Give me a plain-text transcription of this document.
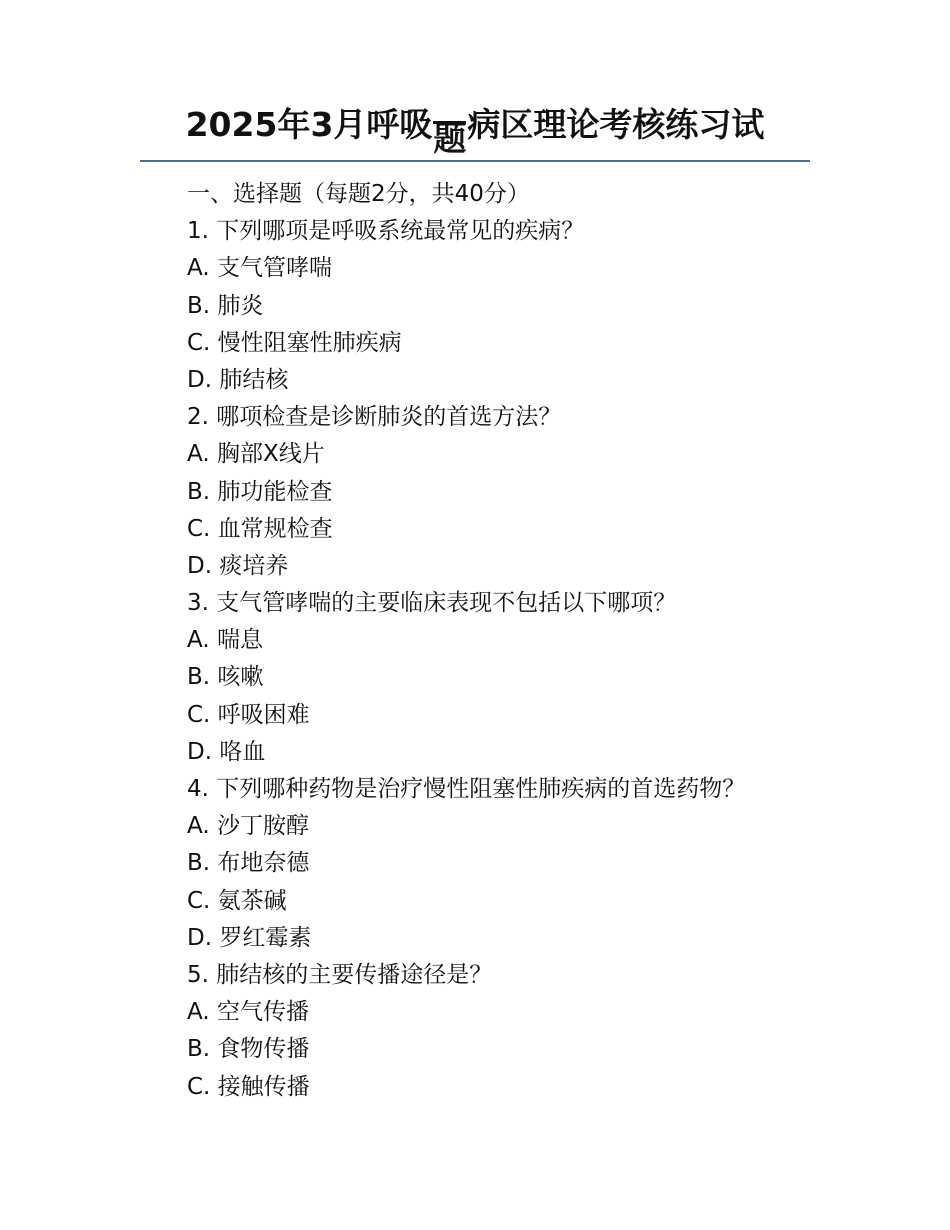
2025年3月呼吸题病区理论考核练习试
一、选择题（每题2分，共40分）
1. 下列哪项是呼吸系统最常见的疾病？
A. 支气管哮喘
B. 肺炎
C. 慢性阻塞性肺疾病
D. 肺结核
2. 哪项检查是诊断肺炎的首选方法？
A. 胸部X线片
B. 肺功能检查
C. 血常规检查
D. 痰培养
3. 支气管哮喘的主要临床表现不包括以下哪项？
A. 喘息
B. 咳嗽
C. 呼吸困难
D. 咯血
4. 下列哪种药物是治疗慢性阻塞性肺疾病的首选药物？
A. 沙丁胺醇
B. 布地奈德
C. 氨茶碱
D. 罗红霉素
5. 肺结核的主要传播途径是？
A. 空气传播
B. 食物传播
C. 接触传播
